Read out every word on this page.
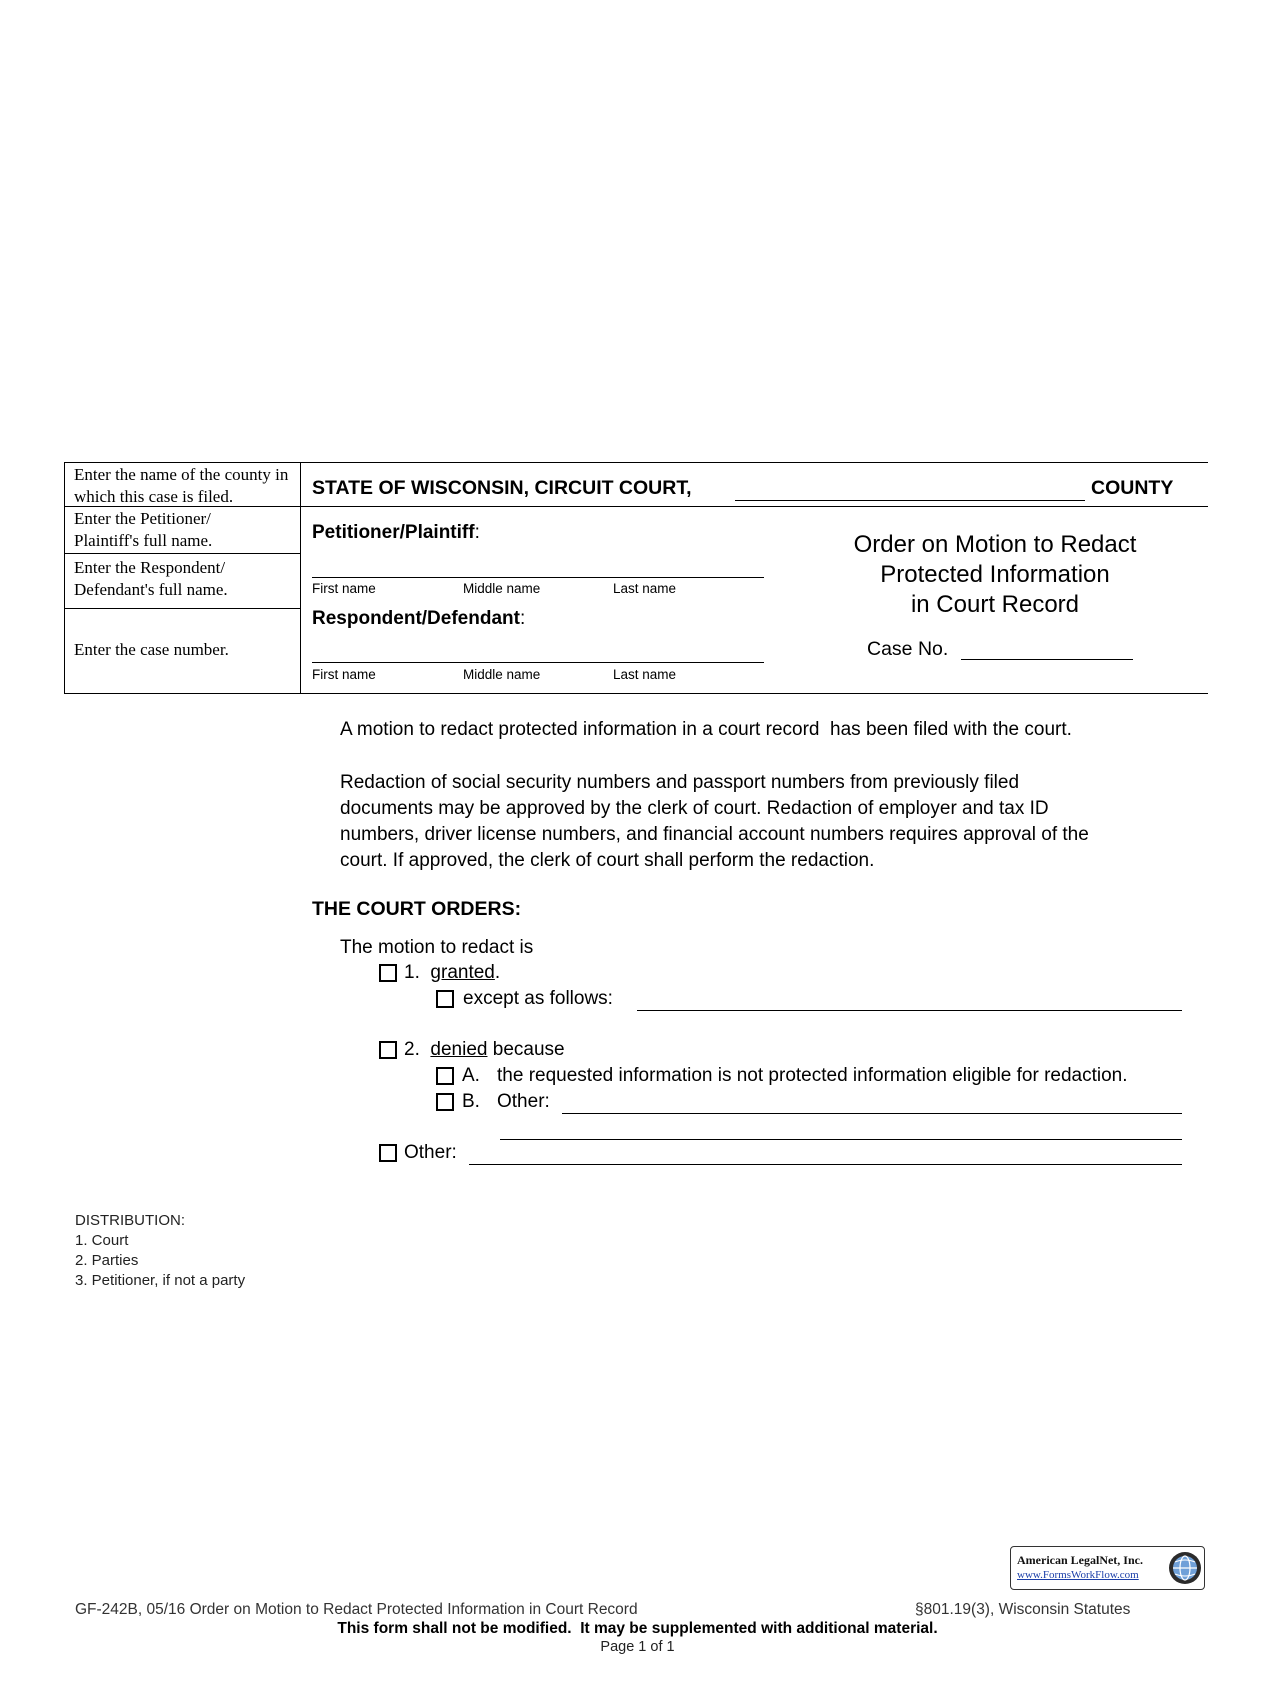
Enter the name of the county in which this case is filed.
Enter the Petitioner/ Plaintiff's full name.
Enter the Respondent/ Defendant's full name.
Enter the case number.
STATE OF WISCONSIN, CIRCUIT COURT,	COUNTY
Petitioner/Plaintiff:
First name	Middle name	Last name
Respondent/Defendant:
First name	Middle name	Last name
Order on Motion to Redact
Protected Information
in Court Record
Case No.
A motion to redact protected information in a court record  has been filed with the court.
Redaction of social security numbers and passport numbers from previously filed
documents may be approved by the clerk of court. Redaction of employer and tax ID
numbers, driver license numbers, and financial account numbers requires approval of the
court. If approved, the clerk of court shall perform the redaction.
THE COURT ORDERS:
The motion to redact is
1. granted.
except as follows:
2. denied because
A. the requested information is not protected information eligible for redaction.
B. Other:
Other:
DISTRIBUTION:
1. Court
2. Parties
3. Petitioner, if not a party
American LegalNet, Inc.
www.FormsWorkFlow.com
GF-242B, 05/16 Order on Motion to Redact Protected Information in Court Record	§801.19(3), Wisconsin Statutes
This form shall not be modified.  It may be supplemented with additional material.
Page 1 of 1
